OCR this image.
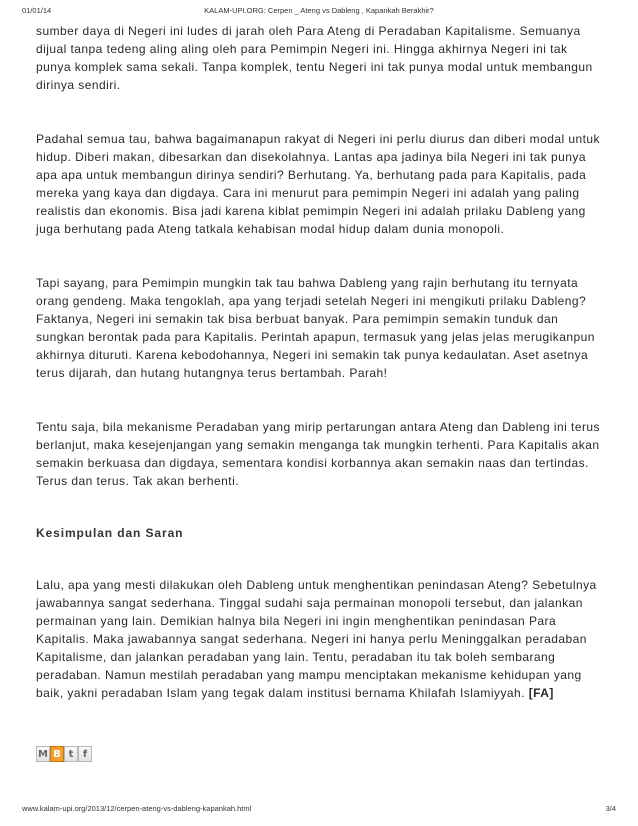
01/01/14	KALAM-UPI.ORG: Cerpen _ Ateng vs Dableng , Kapankah Berakhir?

sumber daya di Negeri ini ludes di jarah oleh Para Ateng di Peradaban Kapitalisme. Semuanya dijual tanpa tedeng aling aling oleh para Pemimpin Negeri ini. Hingga akhirnya Negeri ini tak punya komplek sama sekali. Tanpa komplek, tentu Negeri ini tak punya modal untuk membangun dirinya sendiri.

Padahal semua tau, bahwa bagaimanapun rakyat di Negeri ini perlu diurus dan diberi modal untuk hidup. Diberi makan, dibesarkan dan disekolahnya. Lantas apa jadinya bila Negeri ini tak punya apa apa untuk membangun dirinya sendiri? Berhutang. Ya, berhutang pada para Kapitalis, pada mereka yang kaya dan digdaya. Cara ini menurut para pemimpin Negeri ini adalah yang paling realistis dan ekonomis. Bisa jadi karena kiblat pemimpin Negeri ini adalah prilaku Dableng yang juga berhutang pada Ateng tatkala kehabisan modal hidup dalam dunia monopoli.

Tapi sayang, para Pemimpin mungkin tak tau bahwa Dableng yang rajin berhutang itu ternyata orang gendeng. Maka tengoklah, apa yang terjadi setelah Negeri ini mengikuti prilaku Dableng? Faktanya, Negeri ini semakin tak bisa berbuat banyak. Para pemimpin semakin tunduk dan sungkan berontak pada para Kapitalis. Perintah apapun, termasuk yang jelas jelas merugikanpun akhirnya dituruti. Karena kebodohannya, Negeri ini semakin tak punya kedaulatan. Aset asetnya terus dijarah, dan hutang hutangnya terus bertambah. Parah!

Tentu saja, bila mekanisme Peradaban yang mirip pertarungan antara Ateng dan Dableng ini terus berlanjut, maka kesejenjangan yang semakin menganga tak mungkin terhenti. Para Kapitalis akan semakin berkuasa dan digdaya, sementara kondisi korbannya akan semakin naas dan tertindas. Terus dan terus. Tak akan berhenti.

Kesimpulan dan Saran

Lalu, apa yang mesti dilakukan oleh Dableng untuk menghentikan penindasan Ateng? Sebetulnya jawabannya sangat sederhana. Tinggal sudahi saja permainan monopoli tersebut, dan jalankan permainan yang lain. Demikian halnya bila Negeri ini ingin menghentikan penindasan Para Kapitalis. Maka jawabannya sangat sederhana. Negeri ini hanya perlu Meninggalkan peradaban Kapitalisme, dan jalankan peradaban yang lain. Tentu, peradaban itu tak boleh sembarang peradaban. Namun mestilah peradaban yang mampu menciptakan mekanisme kehidupan yang baik, yakni peradaban Islam yang tegak dalam institusi bernama Khilafah Islamiyyah. [FA]

M B t f
www.kalam-upi.org/2013/12/cerpen-ateng-vs-dableng-kapankah.html	3/4
